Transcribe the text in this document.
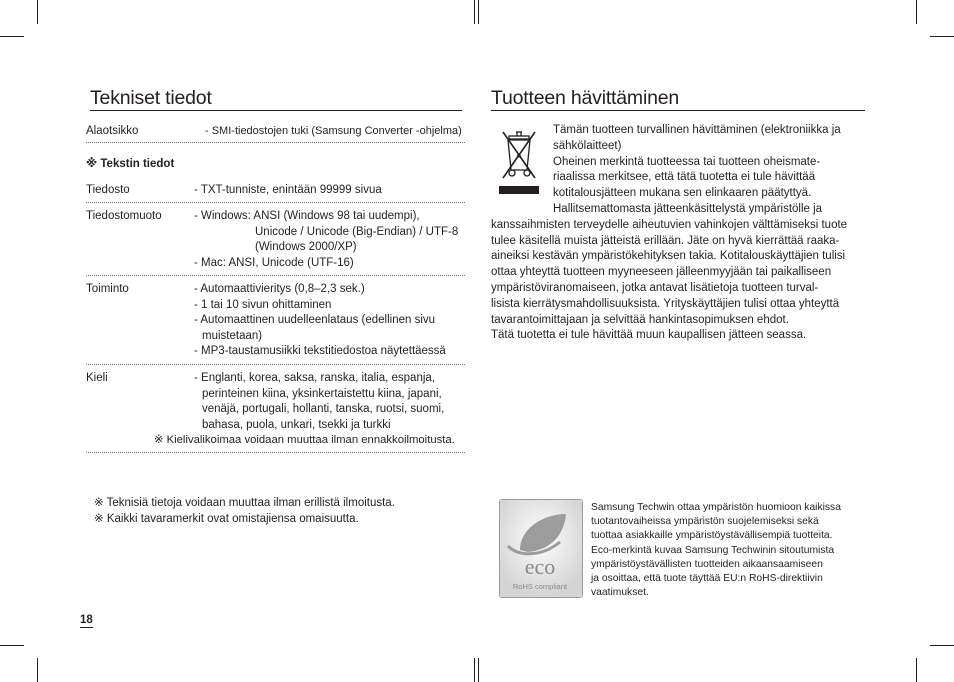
Tekniset tiedot
Alaotsikko	- SMI-tiedostojen tuki (Samsung Converter -ohjelma)
※ Tekstin tiedot
Tiedosto	- TXT-tunniste, enintään 99999 sivua
Tiedostomuoto	- Windows: ANSI (Windows 98 tai uudempi),
Unicode / Unicode (Big-Endian) / UTF-8
(Windows 2000/XP)
- Mac: ANSI, Unicode (UTF-16)
Toiminto	- Automaattivieritys (0,8–2,3 sek.)
- 1 tai 10 sivun ohittaminen
- Automaattinen uudelleenlataus (edellinen sivu
muistetaan)
- MP3-taustamusiikki tekstitiedostoa näytettäessä
Kieli	- Englanti, korea, saksa, ranska, italia, espanja,
perinteinen kiina, yksinkertaistettu kiina, japani,
venäjä, portugali, hollanti, tanska, ruotsi, suomi,
bahasa, puola, unkari, tsekki ja turkki
※ Kielivalikoimaa voidaan muuttaa ilman ennakkoilmoitusta.
※ Teknisiä tietoja voidaan muuttaa ilman erillistä ilmoitusta.
※ Kaikki tavaramerkit ovat omistajiensa omaisuutta.
18
Tuotteen hävittäminen
♻
Tämän tuotteen turvallinen hävittäminen (elektroniikka ja
sähkölaitteet)
Oheinen merkintä tuotteessa tai tuotteen oheismate-
riaalissa merkitsee, että tätä tuotetta ei tule hävittää
kotitalousjätteen mukana sen elinkaaren päätyttyä.
Hallitsemattomasta jätteenkäsittelystä ympäristölle ja
kanssaihmisten terveydelle aiheutuvien vahinkojen välttämiseksi tuote
tulee käsitellä muista jätteistä erillään. Jäte on hyvä kierrättää raaka-
aineiksi kestävän ympäristökehityksen takia. Kotitalouskäyttäjien tulisi
ottaa yhteyttä tuotteen myyneeseen jälleenmyyjään tai paikalliseen
ympäristöviranomaiseen, jotka antavat lisätietoja tuotteen turval-
lisista kierrätysmahdollisuuksista. Yrityskäyttäjien tulisi ottaa yhteyttä
tavarantoimittajaan ja selvittää hankintasopimuksen ehdot.
Tätä tuotetta ei tule hävittää muun kaupallisen jätteen seassa.
eco
RoHS compliant
Samsung Techwin ottaa ympäristön huomioon kaikissa
tuotantovaiheissa ympäristön suojelemiseksi sekä
tuottaa asiakkaille ympäristöystävällisempiä tuotteita.
Eco-merkintä kuvaa Samsung Techwinin sitoutumista
ympäristöystävällisten tuotteiden aikaansaamiseen
ja osoittaa, että tuote täyttää EU:n RoHS-direktiivin
vaatimukset.
